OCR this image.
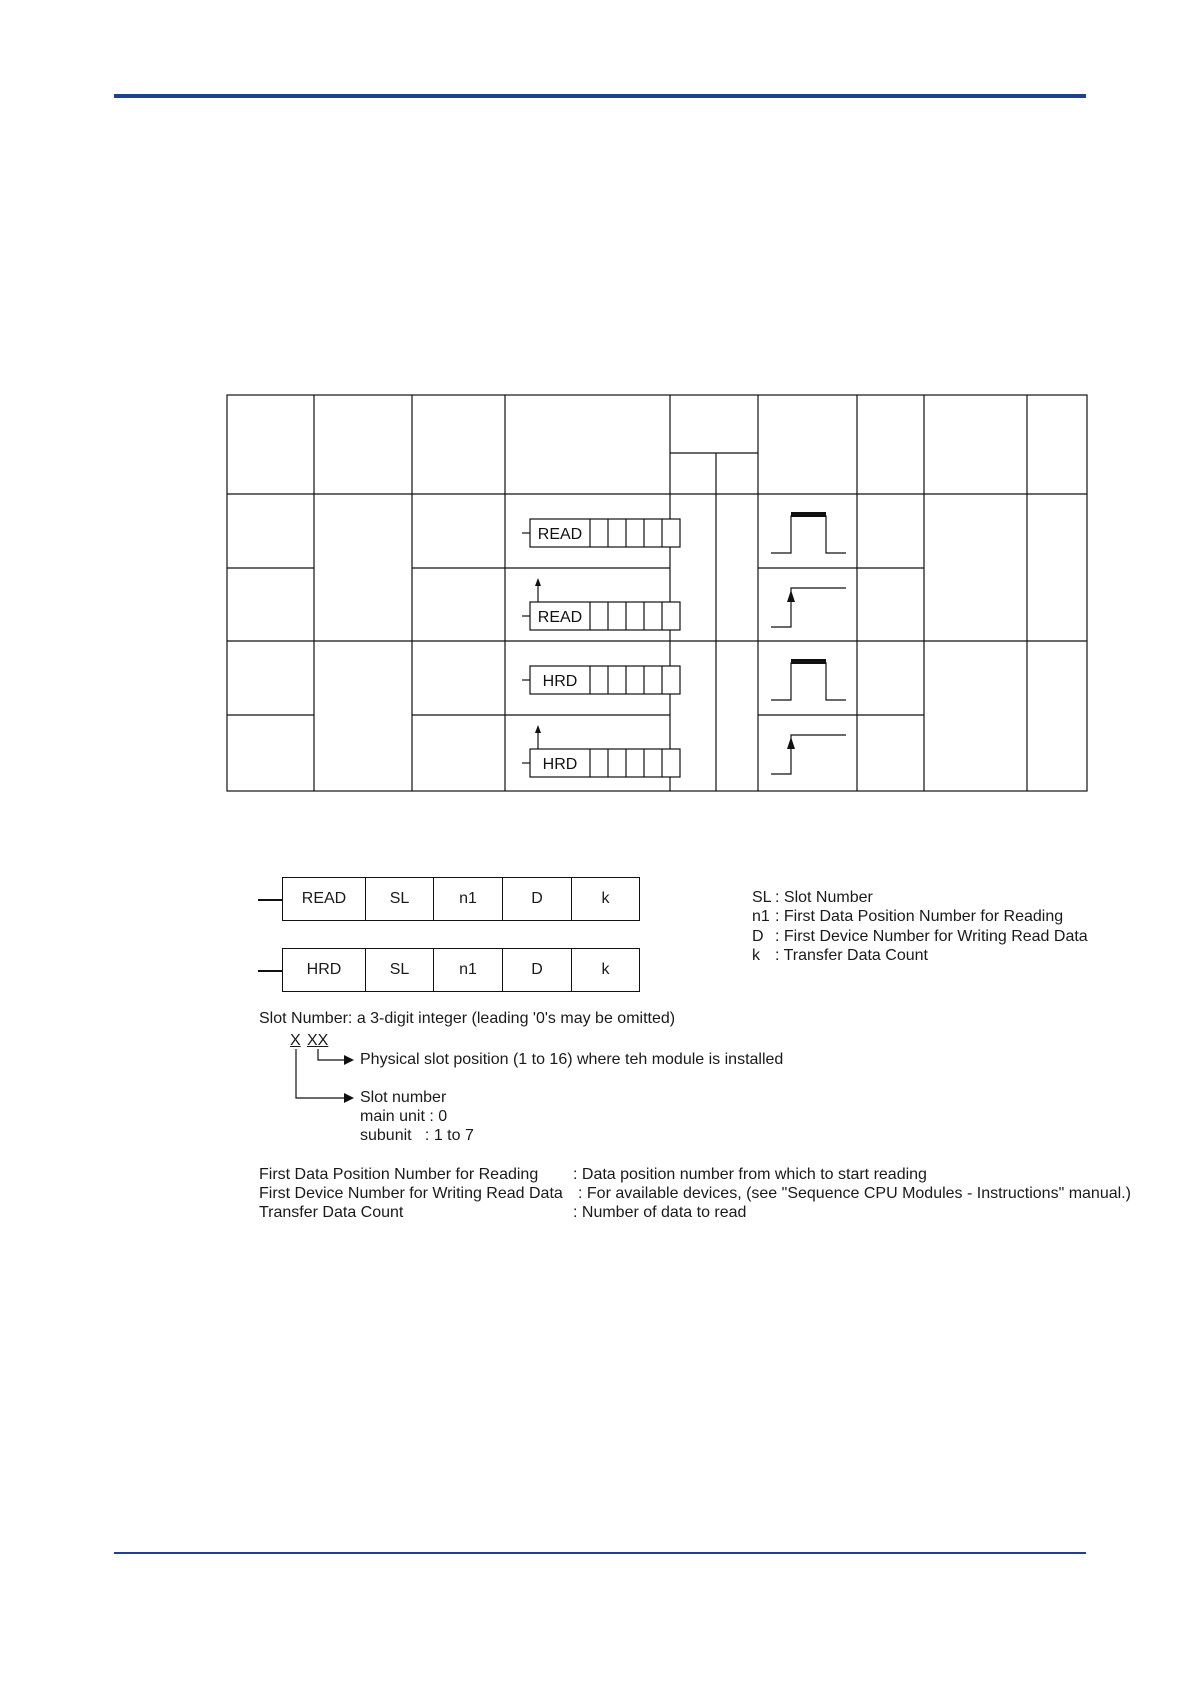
READ
READ
HRD
HRD
READ	SL	n1	D	k
HRD	SL	n1	D	k
SL : Slot Number
n1 : First Data Position Number for Reading
D : First Device Number for Writing Read Data
k : Transfer Data Count
Slot Number: a 3-digit integer (leading '0's may be omitted)
X XX
Physical slot position (1 to 16) where teh module is installed
Slot number
main unit : 0
subunit   : 1 to 7
First Data Position Number for Reading : Data position number from which to start reading
First Device Number for Writing Read Data : For available devices, (see "Sequence CPU Modules - Instructions" manual.)
Transfer Data Count	: Number of data to read
